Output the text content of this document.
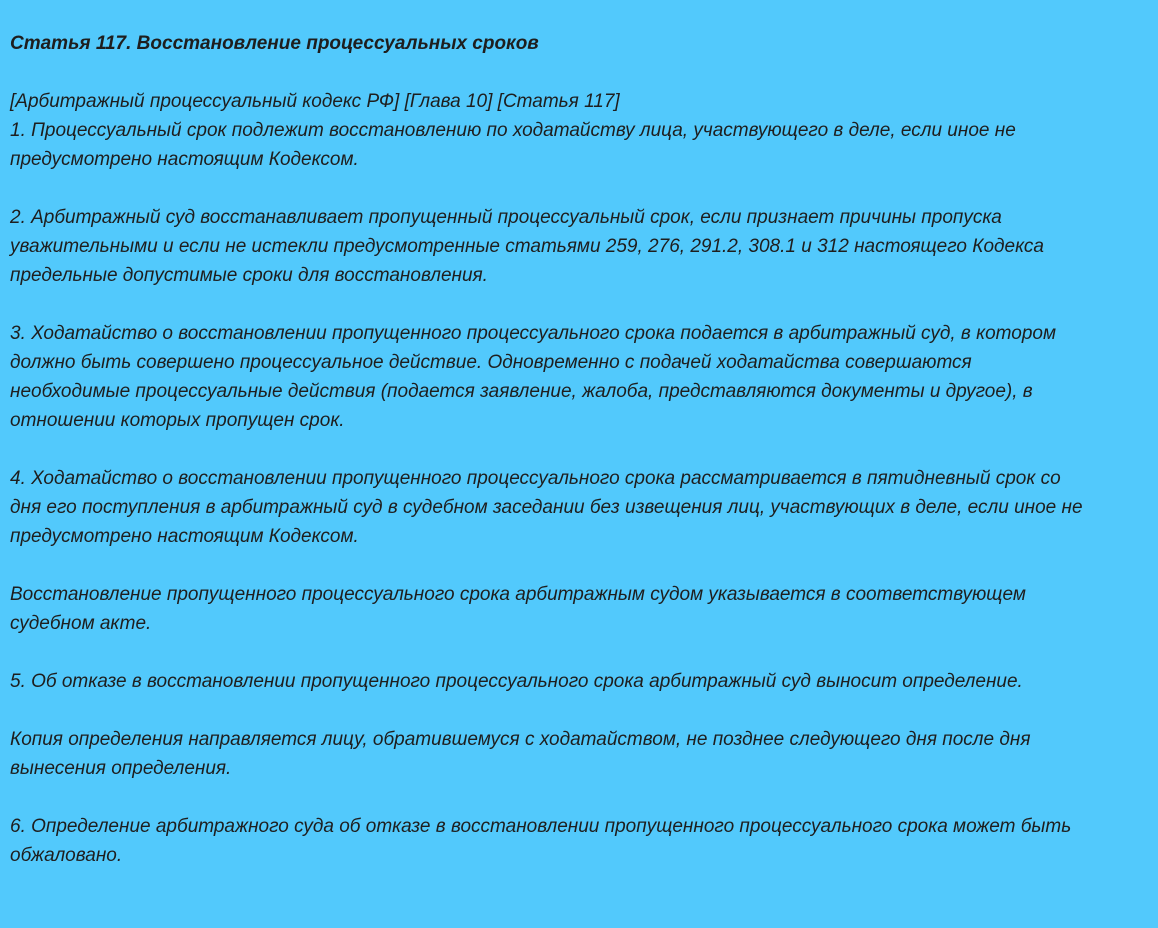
Статья 117. Восстановление процессуальных сроков

[Арбитражный процессуальный кодекс РФ] [Глава 10] [Статья 117]

1. Процессуальный срок подлежит восстановлению по ходатайству лица, участвующего в деле, если иное не
предусмотрено настоящим Кодексом.

2. Арбитражный суд восстанавливает пропущенный процессуальный срок, если признает причины пропуска
уважительными и если не истекли предусмотренные статьями 259, 276, 291.2, 308.1 и 312 настоящего Кодекса
предельные допустимые сроки для восстановления.

3. Ходатайство о восстановлении пропущенного процессуального срока подается в арбитражный суд, в котором
должно быть совершено процессуальное действие. Одновременно с подачей ходатайства совершаются
необходимые процессуальные действия (подается заявление, жалоба, представляются документы и другое), в
отношении которых пропущен срок.

4. Ходатайство о восстановлении пропущенного процессуального срока рассматривается в пятидневный срок со
дня его поступления в арбитражный суд в судебном заседании без извещения лиц, участвующих в деле, если иное не
предусмотрено настоящим Кодексом.

Восстановление пропущенного процессуального срока арбитражным судом указывается в соответствующем
судебном акте.

5. Об отказе в восстановлении пропущенного процессуального срока арбитражный суд выносит определение.

Копия определения направляется лицу, обратившемуся с ходатайством, не позднее следующего дня после дня
вынесения определения.

6. Определение арбитражного суда об отказе в восстановлении пропущенного процессуального срока может быть
обжаловано.
